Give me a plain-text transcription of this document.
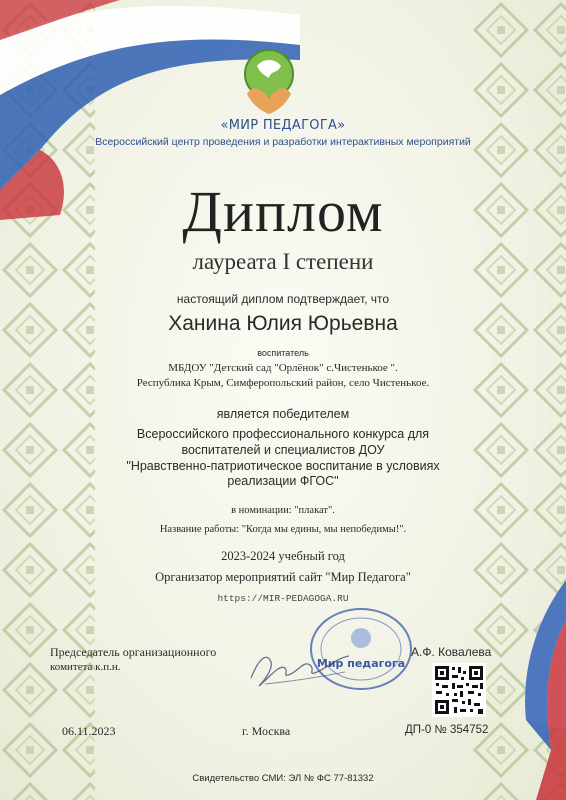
«МИР ПЕДАГОГА»
Всероссийский центр проведения и разработки интерактивных мероприятий
Диплом
лауреата I степени
настоящий диплом подтверждает, что
Ханина Юлия Юрьевна
воспитатель
МБДОУ "Детский сад "Орлёнок" с.Чистенькое ".
Республика Крым, Симферопольский район, село Чистенькое.
является победителем
Всероссийского профессионального конкурса для
воспитателей и специалистов ДОУ
"Нравственно-патриотическое воспитание в условиях
реализации ФГОС"
в номинации: "плакат".
Название работы: "Когда мы едины, мы непобедимы!".
2023-2024 учебный год
Организатор мероприятий сайт "Мир Педагога"
https://MIR-PEDAGOGA.RU
Председатель организационного
комитета к.п.н.	Мир педагога
А.Ф. Ковалева
06.11.2023	г. Москва	ДП-0 № 354752
Свидетельство СМИ: ЭЛ № ФС 77-81332
